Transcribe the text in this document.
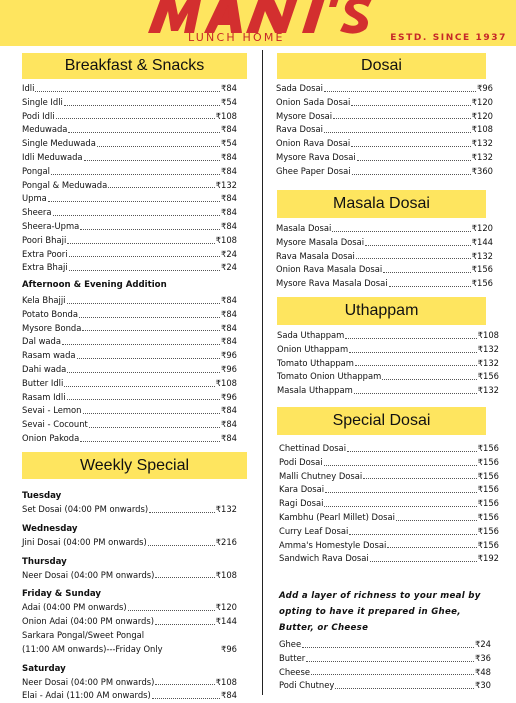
LUNCH HOME	ESTD. SINCE 1937
Breakfast & Snacks
Idli	₹84
Single Idli	₹54
Podi Idli	₹108
Meduwada	₹84
Single Meduwada	₹54
Idli Meduwada	₹84
Pongal	₹84
Pongal & Meduwada	₹132
Upma	₹84
Sheera	₹84
Sheera-Upma	₹84
Poori Bhaji	₹108
Extra Poori	₹24
Extra Bhaji	₹24
Afternoon & Evening Addition
Kela Bhajji	₹84
Potato Bonda	₹84
Mysore Bonda	₹84
Dal wada	₹84
Rasam wada	₹96
Dahi wada	₹96
Butter Idli	₹108
Rasam Idli	₹96
Sevai - Lemon	₹84
Sevai - Cocount	₹84
Onion Pakoda	₹84
Weekly Special
Tuesday
Set Dosai (04:00 PM onwards)	₹132
Wednesday
Jini Dosai (04:00 PM onwards)	₹216
Thursday
Neer Dosai (04:00 PM onwards)	₹108
Friday & Sunday
Adai (04:00 PM onwards)	₹120
Onion Adai (04:00 PM onwards)	₹144
Sarkara Pongal/Sweet Pongal
(11:00 AM onwards)---Friday Only	₹96
Saturday
Neer Dosai (04:00 PM onwards)	₹108
Elai - Adai (11:00 AM onwards)	₹84
Dosai
Sada Dosai	₹96
Onion Sada Dosai	₹120
Mysore Dosai	₹120
Rava Dosai	₹108
Onion Rava Dosai	₹132
Mysore Rava Dosai	₹132
Ghee Paper Dosai	₹360
Masala Dosai
Masala Dosai	₹120
Mysore Masala Dosai	₹144
Rava Masala Dosai	₹132
Onion Rava Masala Dosai	₹156
Mysore Rava Masala Dosai	₹156
Uthappam
Sada Uthappam	₹108
Onion Uthappam	₹132
Tomato Uthappam	₹132
Tomato Onion Uthappam	₹156
Masala Uthappam	₹132
Special Dosai
Chettinad Dosai	₹156
Podi Dosai	₹156
Malli Chutney Dosai	₹156
Kara Dosai	₹156
Ragi Dosai	₹156
Kambhu (Pearl Millet) Dosai	₹156
Curry Leaf Dosai	₹156
Amma's Homestyle Dosai	₹156
Sandwich Rava Dosai	₹192
Add a layer of richness to your meal by opting to have it prepared in Ghee, Butter, or Cheese
Ghee	₹24
Butter	₹36
Cheese	₹48
Podi Chutney	₹30
